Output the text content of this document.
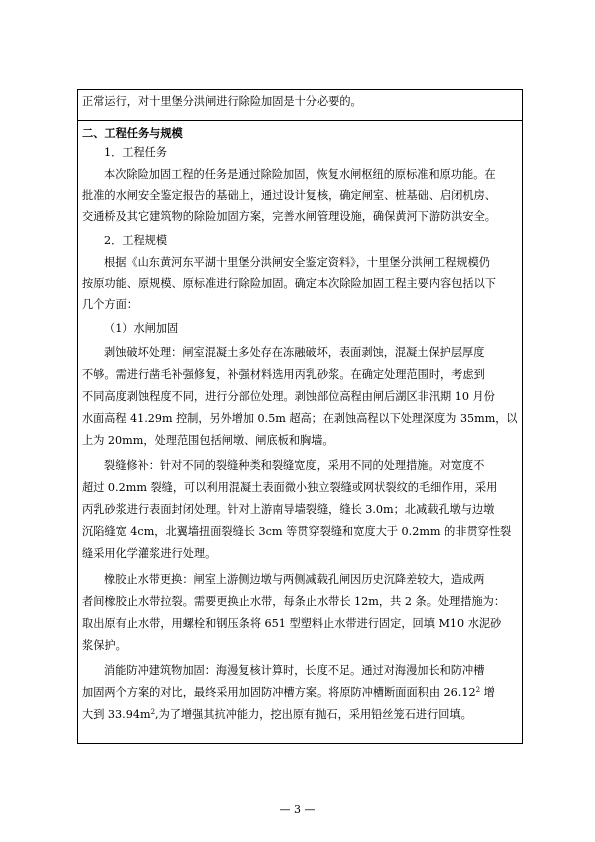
正常运行，对十里堡分洪闸进行除险加固是十分必要的。
二、工程任务与规模
1．工程任务
本次除险加固工程的任务是通过除险加固，恢复水闸枢纽的原标准和原功能。在
批准的水闸安全鉴定报告的基础上，通过设计复核，确定闸室、桩基础、启闭机房、
交通桥及其它建筑物的除险加固方案，完善水闸管理设施，确保黄河下游防洪安全。
2．工程规模
根据《山东黄河东平湖十里堡分洪闸安全鉴定资料》，十里堡分洪闸工程规模仍
按原功能、原规模、原标准进行除险加固。确定本次除险加固工程主要内容包括以下
几个方面：
（1）水闸加固
剥蚀破坏处理：闸室混凝土多处存在冻融破坏，表面剥蚀，混凝土保护层厚度
不够。需进行凿毛补强修复，补强材料选用丙乳砂浆。在确定处理范围时，考虑到
不同高度剥蚀程度不同，进行分部位处理。剥蚀部位高程由闸后湖区非汛期 10 月份
水面高程 41.29m 控制，另外增加 0.5m 超高；在剥蚀高程以下处理深度为 35mm，以
上为 20mm，处理范围包括闸墩、闸底板和胸墙。
裂缝修补：针对不同的裂缝种类和裂缝宽度，采用不同的处理措施。对宽度不
超过 0.2mm 裂缝，可以利用混凝土表面微小独立裂缝或网状裂纹的毛细作用，采用
丙乳砂浆进行表面封闭处理。针对上游南导墙裂缝，缝长 3.0m；北减载孔墩与边墩
沉陷缝宽 4cm，北翼墙扭面裂缝长 3cm 等贯穿裂缝和宽度大于 0.2mm 的非贯穿性裂
缝采用化学灌浆进行处理。
橡胶止水带更换：闸室上游侧边墩与两侧减载孔闸因历史沉降差较大，造成两
者间橡胶止水带拉裂。需要更换止水带，每条止水带长 12m，共 2 条。处理措施为：
取出原有止水带，用螺栓和钢压条将 651 型塑料止水带进行固定，回填 M10 水泥砂
浆保护。
消能防冲建筑物加固：海漫复核计算时，长度不足。通过对海漫加长和防冲槽
加固两个方案的对比，最终采用加固防冲槽方案。将原防冲槽断面面积由 26.12$^2$ 增
大到 $33.94m^2$,为了增强其抗冲能力，挖出原有抛石，采用铅丝笼石进行回填。
— 3 —
